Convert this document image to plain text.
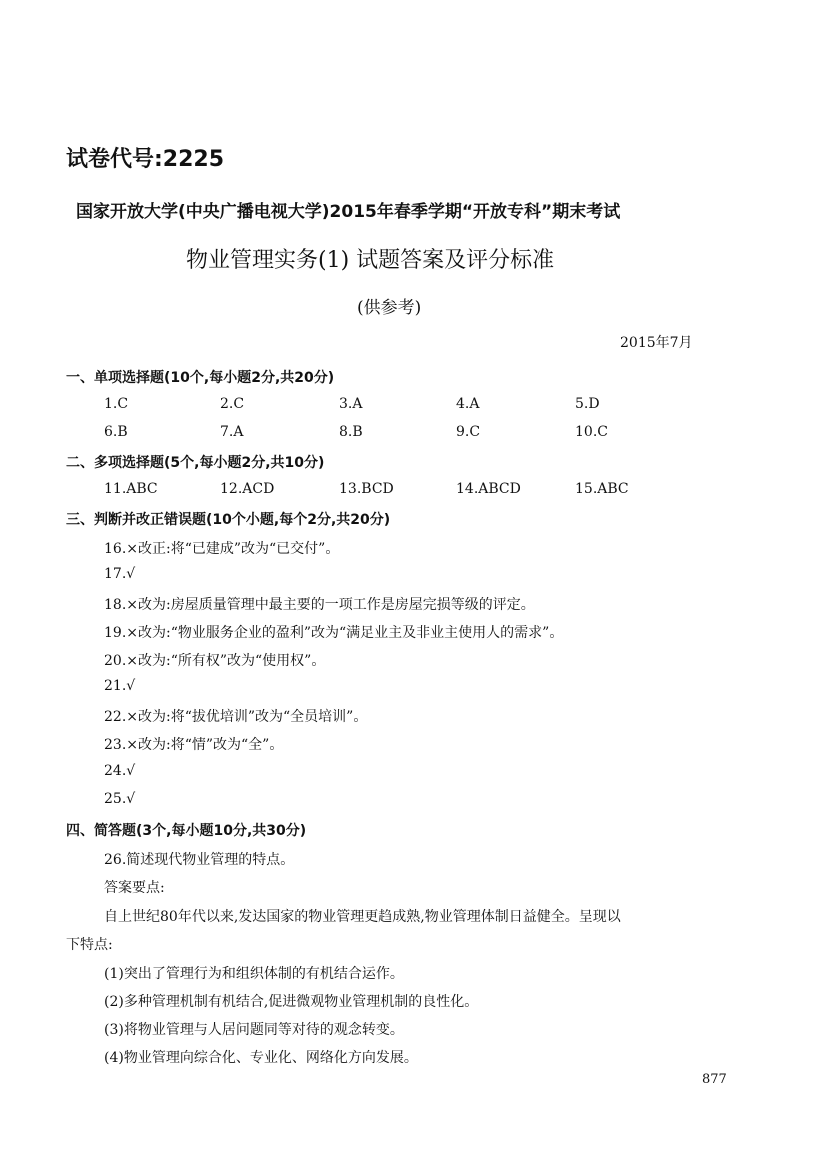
试卷代号:2225
国家开放大学(中央广播电视大学)2015年春季学期“开放专科”期末考试
物业管理实务(1) 试题答案及评分标准
(供参考)
2015年7月
一、单项选择题(10个,每小题2分,共20分)
1.C	2.C	3.A	4.A	5.D
6.B	7.A	8.B	9.C	10.C
二、多项选择题(5个,每小题2分,共10分)
11.ABC	12.ACD	13.BCD	14.ABCD	15.ABC
三、判断并改正错误题(10个小题,每个2分,共20分)
16.×改正:将“已建成”改为“已交付”。
17.√
18.×改为:房屋质量管理中最主要的一项工作是房屋完损等级的评定。
19.×改为:“物业服务企业的盈利”改为“满足业主及非业主使用人的需求”。
20.×改为:“所有权”改为“使用权”。
21.√
22.×改为:将“拔优培训”改为“全员培训”。
23.×改为:将“情”改为“全”。
24.√
25.√
四、简答题(3个,每小题10分,共30分)
26.简述现代物业管理的特点。
答案要点:
自上世纪80年代以来,发达国家的物业管理更趋成熟,物业管理体制日益健全。呈现以
下特点:
(1)突出了管理行为和组织体制的有机结合运作。
(2)多种管理机制有机结合,促进微观物业管理机制的良性化。
(3)将物业管理与人居问题同等对待的观念转变。
(4)物业管理向综合化、专业化、网络化方向发展。
877
